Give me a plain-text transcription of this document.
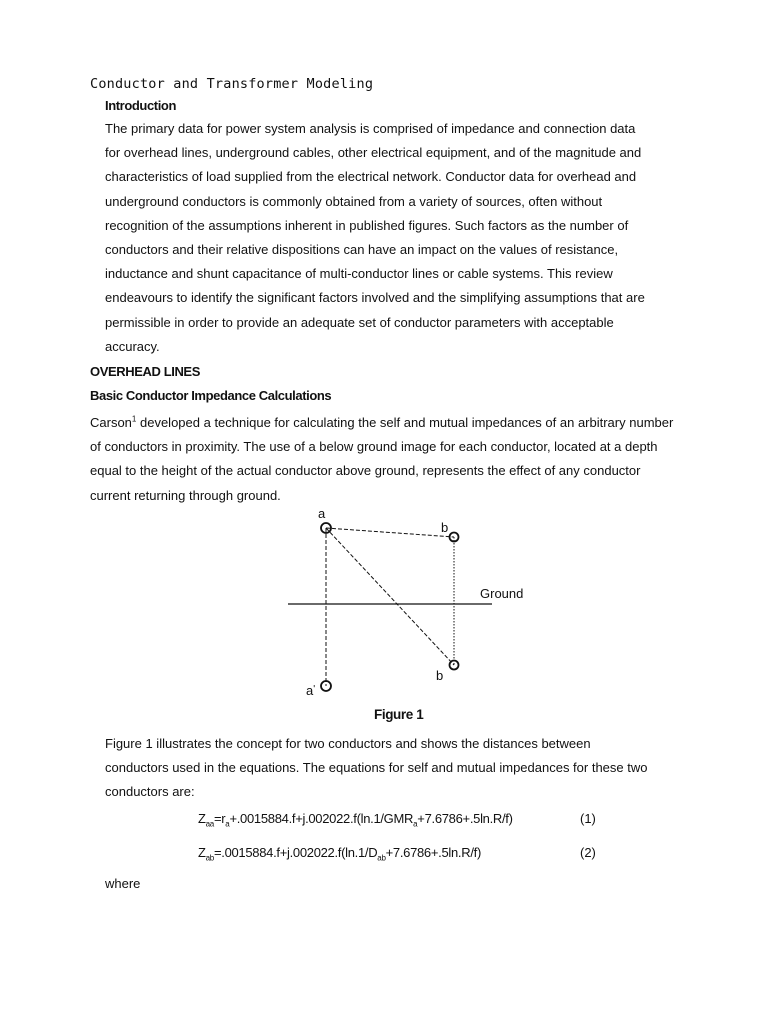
Conductor and Transformer Modeling
Introduction
The primary data for power system analysis is comprised of impedance and connection data
for overhead lines, underground cables, other electrical equipment, and of the magnitude and
characteristics of load supplied from the electrical network. Conductor data for overhead and
underground conductors is commonly obtained from a variety of sources, often without
recognition of the assumptions inherent in published figures. Such factors as the number of
conductors and their relative dispositions can have an impact on the values of resistance,
inductance and shunt capacitance of multi-conductor lines or cable systems. This review
endeavours to identify the significant factors involved and the simplifying assumptions that are
permissible in order to provide an adequate set of conductor parameters with acceptable
accuracy.
OVERHEAD LINES
Basic Conductor Impedance Calculations
Carson$^1$ developed a technique for calculating the self and mutual impedances of an arbitrary number
of conductors in proximity. The use of a below ground image for each conductor, located at a depth
equal to the height of the actual conductor above ground, represents the effect of any conductor
current returning through ground.
a
b
Ground
b
a'
Figure 1
Figure 1 illustrates the concept for two conductors and shows the distances between
conductors used in the equations. The equations for self and mutual impedances for these two
conductors are:
$Z_{aa}=r_a+.0015884.f+j.002022.f(\ln.1/GMR_a+7.6786+.5\ln.R/f)$	(1)
$Z_{ab}=.0015884.f+j.002022.f(\ln.1/D_{ab}+7.6786+.5\ln.R/f)$	(2)
where
